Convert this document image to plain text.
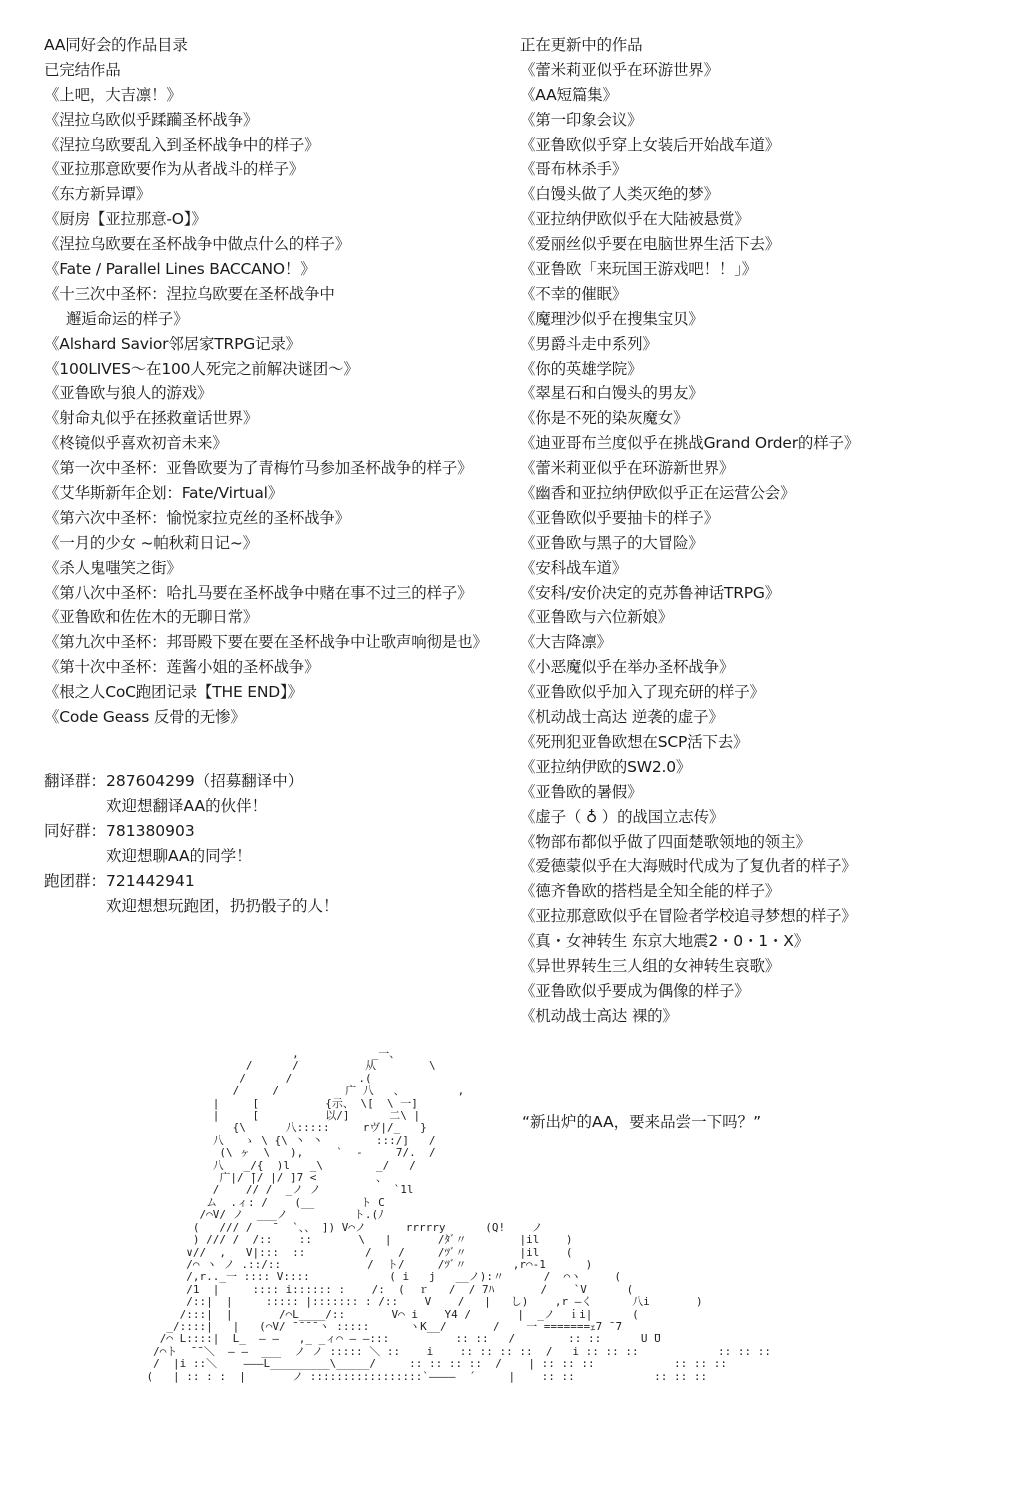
AA同好会的作品目录
已完结作品
《上吧，大吉凛！》
《涅拉乌欧似乎蹂躏圣杯战争》
《涅拉乌欧要乱入到圣杯战争中的样子》
《亚拉那意欧要作为从者战斗的样子》
《东方新异谭》
《厨房【亚拉那意-O】》
《涅拉乌欧要在圣杯战争中做点什么的样子》
《Fate / Parallel Lines BACCANO！》
《十三次中圣杯：涅拉乌欧要在圣杯战争中
邂逅命运的样子》
《Alshard Savior邻居家TRPG记录》
《100LIVES～在100人死完之前解决谜团～》
《亚鲁欧与狼人的游戏》
《射命丸似乎在拯救童话世界》
《柊镜似乎喜欢初音未来》
《第一次中圣杯：亚鲁欧要为了青梅竹马参加圣杯战争的样子》
《艾华斯新年企划：Fate/Virtual》
《第六次中圣杯：愉悦家拉克丝的圣杯战争》
《一月的少女 ~帕秋莉日记~》
《杀人鬼嗤笑之街》
《第八次中圣杯：哈扎马要在圣杯战争中赌在事不过三的样子》
《亚鲁欧和佐佐木的无聊日常》
《第九次中圣杯：邦哥殿下要在要在圣杯战争中让歌声响彻是也》
《第十次中圣杯：莲酱小姐的圣杯战争》
《根之人CoC跑团记录【THE END】》
《Code Geass 反骨的无惨》
翻译群： 287604299（招募翻译中）
欢迎想翻译AA的伙伴！
同好群： 781380903
欢迎想聊AA的同学！
跑团群： 721442941
欢迎想想玩跑团，扔扔骰子的人！
正在更新中的作品
《蕾米莉亚似乎在环游世界》
《AA短篇集》
《第一印象会议》
《亚鲁欧似乎穿上女装后开始战车道》
《哥布林杀手》
《白馒头做了人类灭绝的梦》
《亚拉纳伊欧似乎在大陆被悬赏》
《爱丽丝似乎要在电脑世界生活下去》
《亚鲁欧「来玩国王游戏吧！！」》
《不幸的催眠》
《魔理沙似乎在搜集宝贝》
《男爵斗走中系列》
《你的英雄学院》
《翠星石和白馒头的男友》
《你是不死的染灰魔女》
《迪亚哥布兰度似乎在挑战Grand Order的样子》
《蕾米莉亚似乎在环游新世界》
《幽香和亚拉纳伊欧似乎正在运营公会》
《亚鲁欧似乎要抽卡的样子》
《亚鲁欧与黑子的大冒险》
《安科战车道》
《安科/安价决定的克苏鲁神话TRPG》
《亚鲁欧与六位新娘》
《大吉降凛》
《小恶魔似乎在举办圣杯战争》
《亚鲁欧似乎加入了现充研的样子》
《机动战士高达 逆袭的虚子》
《死刑犯亚鲁欧想在SCP活下去》
《亚拉纳伊欧的SW2.0》
《亚鲁欧的暑假》
《虚子（ ♁ ）的战国立志传》
《物部布都似乎做了四面楚歌领地的领主》
《爱德蒙似乎在大海贼时代成为了复仇者的样子》
《德齐鲁欧的搭档是全知全能的样子》
《亚拉那意欧似乎在冒险者学校追寻梦想的样子》
《真・女神转生 东京大地震2・0・1・X》
《异世界转生三人组的女神转生哀歌》
《亚鲁欧似乎要成为偶像的样子》
《机动战士高达 裸的》
,           _一、
/      /          从        \
/      /          .(
/     /          广 八   、        ,
|     [          {示、 \[  \ 一]
|     [          以/]      二\ |
{\      八:::::     rヴ|/_   }
八   ゝ \ {\ 丶 丶        :::/]   /
(\ ヶ  \   ),     `  -     7/.  /
八   _/{  )l   _\        _/   /
广|/ ̄|/ |/ ]7 <         、
/    // /  _ノ ノ           `1l
ム  .ィ: /    (__       ト C
/⌒V/ ノ  ___ノ          ト.(ﾉ
(   /// /   ̄   `、、 ]) V⌒ノ      rrrrry      (Q!    ノ
) /// /  /::    ::       \   |       /ﾀﾞ〃        |il    )
∨//  ,   V|:::  ::         /    /     /ﾂﾞ〃        |il    (
/⌒ ヽ ノ .::/::             /  ト/     /ﾂﾞ〃       ,r⌒-1      )
/,r.._一 :::: V::::            ( i   j   __ノ):〃      /  ⌒ヽ     (
/1  |     :::: i:::::: :    /:  (  ｒ   /  / 7ﾊ       /    `V      (
/::|  |     ::::: |::::::: : /::    V    /   |   し)    ,r ―く      八i       )
/:::|  |       /⌒L____/::       V⌒ i    Y4 /       |  _ノ  ｉi|      (
_/::::|   |   (⌒V/ ̄ ̄ ̄ ̄ ヽ :::::      ヽK__/       /    一 =======ｪ7 ̄ ̄7
/⌒ L::::|  L_  ― ―   ,_ _ィ⌒ ― ―:::          :: ::   /        :: ::      U ̄U
/⌒ト  ̄ ̄ ＼  ― ―  ___  ノ ノ ::::: ＼ ::    i    :: :: :: ::  /   i :: :: ::            :: :: ::
/  |i ::＼    ―――L_________\_____/     :: :: :: ::  /    | :: :: ::            :: :: ::
(   | :: : :  |       ノ :::::::::::::::::`――――  ´     |    :: ::            :: :: ::

“新出炉的AA，要来品尝一下吗？”
